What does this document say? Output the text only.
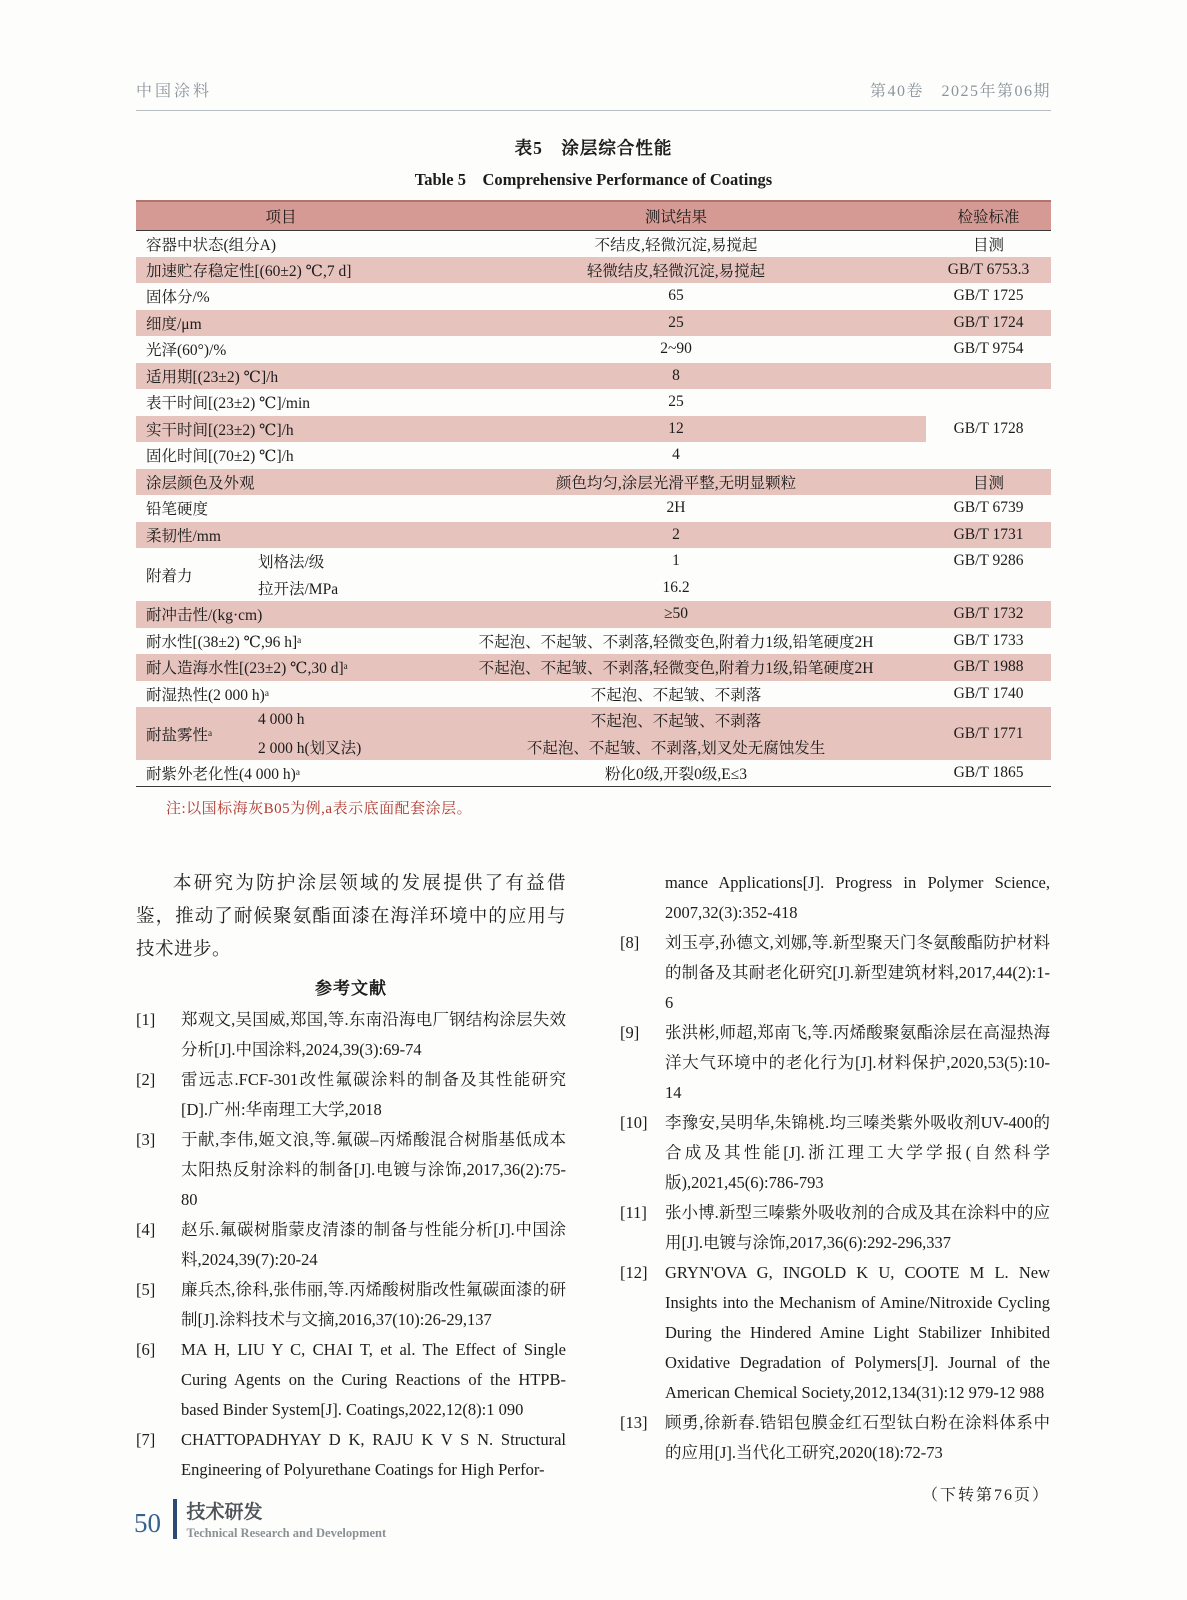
中国涂料	第40卷　2025年第06期
表5　涂层综合性能
Table 5　Comprehensive Performance of Coatings
项目		测试结果	检验标准
容器中状态(组分A)		不结皮,轻微沉淀,易搅起	目测
加速贮存稳定性[(60±2) ℃,7 d]		轻微结皮,轻微沉淀,易搅起	GB/T 6753.3
固体分/%		65	GB/T 1725
细度/μm		25	GB/T 1724
光泽(60°)/%		2~90	GB/T 9754
适用期[(23±2) ℃]/h		8	
表干时间[(23±2) ℃]/min		25	
实干时间[(23±2) ℃]/h		12	GB/T 1728
固化时间[(70±2) ℃]/h		4	
涂层颜色及外观		颜色均匀,涂层光滑平整,无明显颗粒	目测
铅笔硬度		2H	GB/T 6739
柔韧性/mm		2	GB/T 1731
附着力	划格法/级	1	GB/T 9286
	拉开法/MPa	16.2	
耐冲击性/(kg·cm)		≥50	GB/T 1732
耐水性[(38±2) ℃,96 h]ᵃ		不起泡、不起皱、不剥落,轻微变色,附着力1级,铅笔硬度2H	GB/T 1733
耐人造海水性[(23±2) ℃,30 d]ᵃ		不起泡、不起皱、不剥落,轻微变色,附着力1级,铅笔硬度2H	GB/T 1988
耐湿热性(2 000 h)ᵃ		不起泡、不起皱、不剥落	GB/T 1740
耐盐雾性ᵃ	4 000 h	不起泡、不起皱、不剥落	GB/T 1771
	2 000 h(划叉法)	不起泡、不起皱、不剥落,划叉处无腐蚀发生	
耐紫外老化性(4 000 h)ᵃ		粉化0级,开裂0级,E≤3	GB/T 1865
注:以国标海灰B05为例,a表示底面配套涂层。

本研究为防护涂层领域的发展提供了有益借鉴，推动了耐候聚氨酯面漆在海洋环境中的应用与技术进步。

参考文献
[1]	郑观文,吴国威,郑国,等.东南沿海电厂钢结构涂层失效分析[J].中国涂料,2024,39(3):69-74
[2]	雷远志.FCF-301改性氟碳涂料的制备及其性能研究[D].广州:华南理工大学,2018
[3]	于献,李伟,姬文浪,等.氟碳–丙烯酸混合树脂基低成本太阳热反射涂料的制备[J].电镀与涂饰,2017,36(2):75-80
[4]	赵乐.氟碳树脂蒙皮清漆的制备与性能分析[J].中国涂料,2024,39(7):20-24
[5]	廉兵杰,徐科,张伟丽,等.丙烯酸树脂改性氟碳面漆的研制[J].涂料技术与文摘,2016,37(10):26-29,137
[6]	MA H, LIU Y C, CHAI T, et al. The Effect of Single Curing Agents on the Curing Reactions of the HTPB-based Binder System[J]. Coatings,2022,12(8):1 090
[7]	CHATTOPADHYAY D K, RAJU K V S N. Structural Engineering of Polyurethane Coatings for High Perfor-
mance Applications[J]. Progress in Polymer Science, 2007,32(3):352-418
[8]	刘玉亭,孙德文,刘娜,等.新型聚天门冬氨酸酯防护材料的制备及其耐老化研究[J].新型建筑材料,2017,44(2):1-6
[9]	张洪彬,师超,郑南飞,等.丙烯酸聚氨酯涂层在高湿热海洋大气环境中的老化行为[J].材料保护,2020,53(5):10-14
[10]	李豫安,吴明华,朱锦桃.均三嗪类紫外吸收剂UV-400的合成及其性能[J].浙江理工大学学报(自然科学版),2021,45(6):786-793
[11]	张小博.新型三嗪紫外吸收剂的合成及其在涂料中的应用[J].电镀与涂饰,2017,36(6):292-296,337
[12]	GRYN'OVA G, INGOLD K U, COOTE M L. New Insights into the Mechanism of Amine/Nitroxide Cycling During the Hindered Amine Light Stabilizer Inhibited Oxidative Degradation of Polymers[J]. Journal of the American Chemical Society,2012,134(31):12 979-12 988
[13]	顾勇,徐新春.锆铝包膜金红石型钛白粉在涂料体系中的应用[J].当代化工研究,2020(18):72-73
（下转第76页）
50 技术研发
Technical Research and Development
